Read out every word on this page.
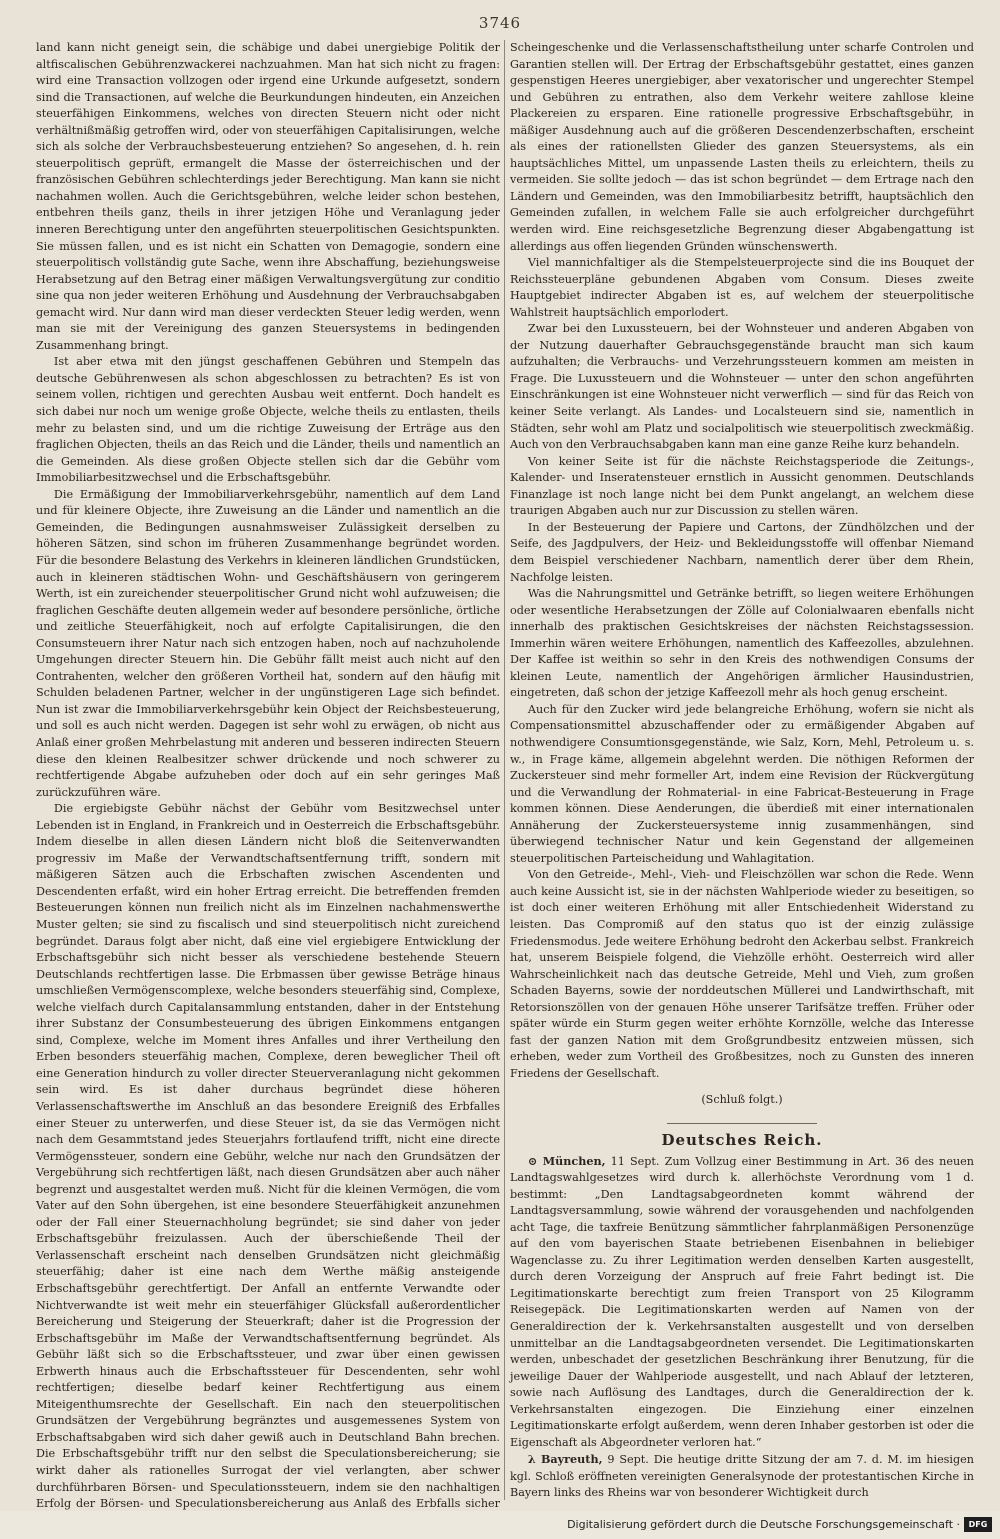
3746

land kann nicht geneigt sein, die schäbige und dabei unergiebige Politik der altfiscalischen Gebührenzwackerei nachzuahmen. Man hat sich nicht zu fragen: wird eine Transaction vollzogen oder irgend eine Urkunde aufgesetzt, sondern sind die Transactionen, auf welche die Beurkundungen hindeuten, ein Anzeichen steuerfähigen Einkommens, welches von directen Steuern nicht oder nicht verhältnißmäßig getroffen wird, oder von steuerfähigen Capitalisirungen, welche sich als solche der Verbrauchsbesteuerung entziehen? So angesehen, d. h. rein steuerpolitisch geprüft, ermangelt die Masse der österreichischen und der französischen Gebühren schlechterdings jeder Berechtigung. Man kann sie nicht nachahmen wollen. Auch die Gerichtsgebühren, welche leider schon bestehen, entbehren theils ganz, theils in ihrer jetzigen Höhe und Veranlagung jeder inneren Berechtigung unter den angeführten steuerpolitischen Gesichtspunkten. Sie müssen fallen, und es ist nicht ein Schatten von Demagogie, sondern eine steuerpolitisch vollständig gute Sache, wenn ihre Abschaffung, beziehungsweise Herabsetzung auf den Betrag einer mäßigen Verwaltungsvergütung zur conditio sine qua non jeder weiteren Erhöhung und Ausdehnung der Verbrauchsabgaben gemacht wird. Nur dann wird man dieser verdeckten Steuer ledig werden, wenn man sie mit der Vereinigung des ganzen Steuersystems in bedingenden Zusammenhang bringt.

Ist aber etwa mit den jüngst geschaffenen Gebühren und Stempeln das deutsche Gebührenwesen als schon abgeschlossen zu betrachten? Es ist von seinem vollen, richtigen und gerechten Ausbau weit entfernt. Doch handelt es sich dabei nur noch um wenige große Objecte, welche theils zu entlasten, theils mehr zu belasten sind, und um die richtige Zuweisung der Erträge aus den fraglichen Objecten, theils an das Reich und die Länder, theils und namentlich an die Gemeinden. Als diese großen Objecte stellen sich dar die Gebühr vom Immobiliarbesitzwechsel und die Erbschaftsgebühr.

Die Ermäßigung der Immobiliarverkehrsgebühr, namentlich auf dem Land und für kleinere Objecte, ihre Zuweisung an die Länder und namentlich an die Gemeinden, die Bedingungen ausnahmsweiser Zulässigkeit derselben zu höheren Sätzen, sind schon im früheren Zusammenhange begründet worden. Für die besondere Belastung des Verkehrs in kleineren ländlichen Grundstücken, auch in kleineren städtischen Wohn- und Geschäftshäusern von geringerem Werth, ist ein zureichender steuerpolitischer Grund nicht wohl aufzuweisen; die fraglichen Geschäfte deuten allgemein weder auf besondere persönliche, örtliche und zeitliche Steuerfähigkeit, noch auf erfolgte Capitalisirungen, die den Consumsteuern ihrer Natur nach sich entzogen haben, noch auf nachzuholende Umgehungen directer Steuern hin. Die Gebühr fällt meist auch nicht auf den Contrahenten, welcher den größeren Vortheil hat, sondern auf den häufig mit Schulden beladenen Partner, welcher in der ungünstigeren Lage sich befindet. Nun ist zwar die Immobiliarverkehrsgebühr kein Object der Reichsbesteuerung, und soll es auch nicht werden. Dagegen ist sehr wohl zu erwägen, ob nicht aus Anlaß einer großen Mehrbelastung mit anderen und besseren indirecten Steuern diese den kleinen Realbesitzer schwer drückende und noch schwerer zu rechtfertigende Abgabe aufzuheben oder doch auf ein sehr geringes Maß zurückzuführen wäre.

Die ergiebigste Gebühr nächst der Gebühr vom Besitzwechsel unter Lebenden ist in England, in Frankreich und in Oesterreich die Erbschaftsgebühr. Indem dieselbe in allen diesen Ländern nicht bloß die Seitenverwandten progressiv im Maße der Verwandtschaftsentfernung trifft, sondern mit mäßigeren Sätzen auch die Erbschaften zwischen Ascendenten und Descendenten erfaßt, wird ein hoher Ertrag erreicht. Die betreffenden fremden Besteuerungen können nun freilich nicht als im Einzelnen nachahmenswerthe Muster gelten; sie sind zu fiscalisch und sind steuerpolitisch nicht zureichend begründet. Daraus folgt aber nicht, daß eine viel ergiebigere Entwicklung der Erbschaftsgebühr sich nicht besser als verschiedene bestehende Steuern Deutschlands rechtfertigen lasse. Die Erbmassen über gewisse Beträge hinaus umschließen Vermögenscomplexe, welche besonders steuerfähig sind, Complexe, welche vielfach durch Capitalansammlung entstanden, daher in der Entstehung ihrer Substanz der Consumbesteuerung des übrigen Einkommens entgangen sind, Complexe, welche im Moment ihres Anfalles und ihrer Vertheilung den Erben besonders steuerfähig machen, Complexe, deren beweglicher Theil oft eine Generation hindurch zu voller directer Steuerveranlagung nicht gekommen sein wird. Es ist daher durchaus begründet diese höheren Verlassenschaftswerthe im Anschluß an das besondere Ereigniß des Erbfalles einer Steuer zu unterwerfen, und diese Steuer ist, da sie das Vermögen nicht nach dem Gesammtstand jedes Steuerjahrs fortlaufend trifft, nicht eine directe Vermögenssteuer, sondern eine Gebühr, welche nur nach den Grundsätzen der Vergebührung sich rechtfertigen läßt, nach diesen Grundsätzen aber auch näher begrenzt und ausgestaltet werden muß. Nicht für die kleinen Vermögen, die vom Vater auf den Sohn übergehen, ist eine besondere Steuerfähigkeit anzunehmen oder der Fall einer Steuernachholung begründet; sie sind daher von jeder Erbschaftsgebühr freizulassen. Auch der überschießende Theil der Verlassenschaft erscheint nach denselben Grundsätzen nicht gleichmäßig steuerfähig; daher ist eine nach dem Werthe mäßig ansteigende Erbschaftsgebühr gerechtfertigt. Der Anfall an entfernte Verwandte oder Nichtverwandte ist weit mehr ein steuerfähiger Glücksfall außerordentlicher Bereicherung und Steigerung der Steuerkraft; daher ist die Progression der Erbschaftsgebühr im Maße der Verwandtschaftsentfernung begründet. Als Gebühr läßt sich so die Erbschaftssteuer, und zwar über einen gewissen Erbwerth hinaus auch die Erbschaftssteuer für Descendenten, sehr wohl rechtfertigen; dieselbe bedarf keiner Rechtfertigung aus einem Miteigenthumsrechte der Gesellschaft. Ein nach den steuerpolitischen Grundsätzen der Vergebührung begränztes und ausgemessenes System von Erbschaftsabgaben wird sich daher gewiß auch in Deutschland Bahn brechen. Die Erbschaftsgebühr trifft nur den selbst die Speculationsbereicherung; sie wirkt daher als rationelles Surrogat der viel verlangten, aber schwer durchführbaren Börsen- und Speculationssteuern, indem sie den nachhaltigen Erfolg der Börsen- und Speculationsbereicherung aus Anlaß des Erbfalls sicher

Scheingeschenke und die Verlassenschaftstheilung unter scharfe Controlen und Garantien stellen will. Der Ertrag der Erbschaftsgebühr gestattet, eines ganzen gespenstigen Heeres unergiebiger, aber vexatorischer und ungerechter Stempel und Gebühren zu entrathen, also dem Verkehr weitere zahllose kleine Plackereien zu ersparen. Eine rationelle progressive Erbschaftsgebühr, in mäßiger Ausdehnung auch auf die größeren Descendenzerbschaften, erscheint als eines der rationellsten Glieder des ganzen Steuersystems, als ein hauptsächliches Mittel, um unpassende Lasten theils zu erleichtern, theils zu vermeiden. Sie sollte jedoch — das ist schon begründet — dem Ertrage nach den Ländern und Gemeinden, was den Immobiliarbesitz betrifft, hauptsächlich den Gemeinden zufallen, in welchem Falle sie auch erfolgreicher durchgeführt werden wird. Eine reichsgesetzliche Begrenzung dieser Abgabengattung ist allerdings aus offen liegenden Gründen wünschenswerth.

Viel mannichfaltiger als die Stempelsteuerprojecte sind die ins Bouquet der Reichssteuerpläne gebundenen Abgaben vom Consum. Dieses zweite Hauptgebiet indirecter Abgaben ist es, auf welchem der steuerpolitische Wahlstreit hauptsächlich emporlodert.

Zwar bei den Luxussteuern, bei der Wohnsteuer und anderen Abgaben von der Nutzung dauerhafter Gebrauchsgegenstände braucht man sich kaum aufzuhalten; die Verbrauchs- und Verzehrungssteuern kommen am meisten in Frage. Die Luxussteuern und die Wohnsteuer — unter den schon angeführten Einschränkungen ist eine Wohnsteuer nicht verwerflich — sind für das Reich von keiner Seite verlangt. Als Landes- und Localsteuern sind sie, namentlich in Städten, sehr wohl am Platz und socialpolitisch wie steuerpolitisch zweckmäßig. Auch von den Verbrauchsabgaben kann man eine ganze Reihe kurz behandeln.

Von keiner Seite ist für die nächste Reichstagsperiode die Zeitungs-, Kalender- und Inseratensteuer ernstlich in Aussicht genommen. Deutschlands Finanzlage ist noch lange nicht bei dem Punkt angelangt, an welchem diese traurigen Abgaben auch nur zur Discussion zu stellen wären.

In der Besteuerung der Papiere und Cartons, der Zündhölzchen und der Seife, des Jagdpulvers, der Heiz- und Bekleidungsstoffe will offenbar Niemand dem Beispiel verschiedener Nachbarn, namentlich derer über dem Rhein, Nachfolge leisten.

Was die Nahrungsmittel und Getränke betrifft, so liegen weitere Erhöhungen oder wesentliche Herabsetzungen der Zölle auf Colonialwaaren ebenfalls nicht innerhalb des praktischen Gesichtskreises der nächsten Reichstagssession. Immerhin wären weitere Erhöhungen, namentlich des Kaffeezolles, abzulehnen. Der Kaffee ist weithin so sehr in den Kreis des nothwendigen Consums der kleinen Leute, namentlich der Angehörigen ärmlicher Hausindustrien, eingetreten, daß schon der jetzige Kaffeezoll mehr als hoch genug erscheint.

Auch für den Zucker wird jede belangreiche Erhöhung, wofern sie nicht als Compensationsmittel abzuschaffender oder zu ermäßigender Abgaben auf nothwendigere Consumtionsgegenstände, wie Salz, Korn, Mehl, Petroleum u. s. w., in Frage käme, allgemein abgelehnt werden. Die nöthigen Reformen der Zuckersteuer sind mehr formeller Art, indem eine Revision der Rückvergütung und die Verwandlung der Rohmaterial- in eine Fabricat-Besteuerung in Frage kommen können. Diese Aenderungen, die überdieß mit einer internationalen Annäherung der Zuckersteuersysteme innig zusammenhängen, sind überwiegend technischer Natur und kein Gegenstand der allgemeinen steuerpolitischen Parteischeidung und Wahlagitation.

Von den Getreide-, Mehl-, Vieh- und Fleischzöllen war schon die Rede. Wenn auch keine Aussicht ist, sie in der nächsten Wahlperiode wieder zu beseitigen, so ist doch einer weiteren Erhöhung mit aller Entschiedenheit Widerstand zu leisten. Das Compromiß auf den status quo ist der einzig zulässige Friedensmodus. Jede weitere Erhöhung bedroht den Ackerbau selbst. Frankreich hat, unserem Beispiele folgend, die Viehzölle erhöht. Oesterreich wird aller Wahrscheinlichkeit nach das deutsche Getreide, Mehl und Vieh, zum großen Schaden Bayerns, sowie der norddeutschen Müllerei und Landwirthschaft, mit Retorsionszöllen von der genauen Höhe unserer Tarifsätze treffen. Früher oder später würde ein Sturm gegen weiter erhöhte Kornzölle, welche das Interesse fast der ganzen Nation mit dem Großgrundbesitz entzweien müssen, sich erheben, weder zum Vortheil des Großbesitzes, noch zu Gunsten des inneren Friedens der Gesellschaft.

(Schluß folgt.)
Deutsches Reich.

⊙ München, 11 Sept. Zum Vollzug einer Bestimmung in Art. 36 des neuen Landtagswahlgesetzes wird durch k. allerhöchste Verordnung vom 1 d. bestimmt: „Den Landtagsabgeordneten kommt während der Landtagsversammlung, sowie während der vorausgehenden und nachfolgenden acht Tage, die taxfreie Benützung sämmtlicher fahrplanmäßigen Personenzüge auf den vom bayerischen Staate betriebenen Eisenbahnen in beliebiger Wagenclasse zu. Zu ihrer Legitimation werden denselben Karten ausgestellt, durch deren Vorzeigung der Anspruch auf freie Fahrt bedingt ist. Die Legitimationskarte berechtigt zum freien Transport von 25 Kilogramm Reisegepäck. Die Legitimationskarten werden auf Namen von der Generaldirection der k. Verkehrsanstalten ausgestellt und von derselben unmittelbar an die Landtagsabgeordneten versendet. Die Legitimationskarten werden, unbeschadet der gesetzlichen Beschränkung ihrer Benutzung, für die jeweilige Dauer der Wahlperiode ausgestellt, und nach Ablauf der letzteren, sowie nach Auflösung des Landtages, durch die Generaldirection der k. Verkehrsanstalten eingezogen. Die Einziehung einer einzelnen Legitimationskarte erfolgt außerdem, wenn deren Inhaber gestorben ist oder die Eigenschaft als Abgeordneter verloren hat.“

λ Bayreuth, 9 Sept. Die heutige dritte Sitzung der am 7. d. M. im hiesigen kgl. Schloß eröffneten vereinigten Generalsynode der protestantischen Kirche in Bayern links des Rheins war von besonderer Wichtigkeit durch

Digitalisierung gefördert durch die Deutsche Forschungsgemeinschaft ·	DFG
